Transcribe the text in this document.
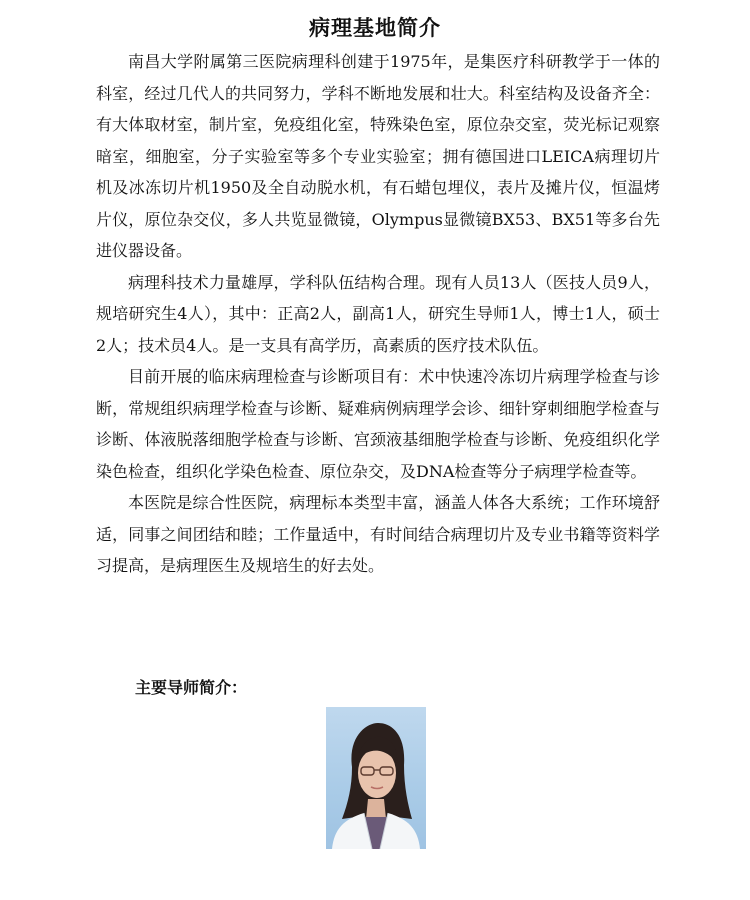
病理基地简介

南昌大学附属第三医院病理科创建于1975年，是集医疗科研教学于一体的科室，经过几代人的共同努力，学科不断地发展和壮大。科室结构及设备齐全：有大体取材室，制片室，免疫组化室，特殊染色室，原位杂交室，荧光标记观察暗室，细胞室，分子实验室等多个专业实验室；拥有德国进口LEICA病理切片机及冰冻切片机1950及全自动脱水机，有石蜡包埋仪，表片及摊片仪，恒温烤片仪，原位杂交仪，多人共览显微镜，Olympus显微镜BX53、BX51等多台先进仪器设备。

病理科技术力量雄厚，学科队伍结构合理。现有人员13人（医技人员9人，规培研究生4人），其中：正高2人，副高1人，研究生导师1人，博士1人，硕士2人；技术员4人。是一支具有高学历，高素质的医疗技术队伍。

目前开展的临床病理检查与诊断项目有：术中快速冷冻切片病理学检查与诊断，常规组织病理学检查与诊断、疑难病例病理学会诊、细针穿刺细胞学检查与诊断、体液脱落细胞学检查与诊断、宫颈液基细胞学检查与诊断、免疫组织化学染色检查，组织化学染色检查、原位杂交，及DNA检查等分子病理学检查等。

本医院是综合性医院，病理标本类型丰富，涵盖人体各大系统；工作环境舒适，同事之间团结和睦；工作量适中，有时间结合病理切片及专业书籍等资料学习提高，是病理医生及规培生的好去处。

主要导师简介：
